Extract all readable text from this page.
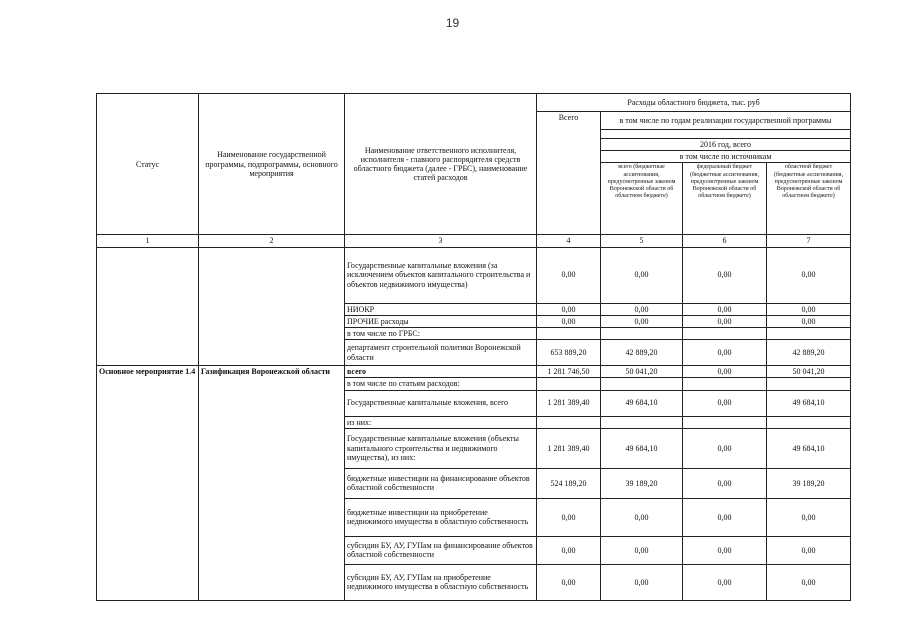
19
Статус	Наименование государственной программы, подпрограммы, основного мероприятия	Наименование ответственного исполнителя, исполнителя - главного распорядителя средств областного бюджета (далее - ГРБС), наименование статей расходов	Расходы областного бюджета, тыс. руб			
			Всего	в том числе по годам реализации государственной программы		

				2016 год, всего		
				в том числе по источникам		
				всего (бюджетные ассигнования, предусмотренные законом Воронежской области об областном бюджете)	федеральный бюджет (бюджетные ассигнования, предусмотренные законом Воронежской области об областном бюджете)	областной бюджет (бюджетные ассигнования, предусмотренные законом Воронежской области об областном бюджете)
1	2	3	4	5	6	7
		Государственные капитальные вложения (за исключением объектов капитального строительства и объектов недвижимого имущества)	0,00	0,00	0,00	0,00
		НИОКР	0,00	0,00	0,00	0,00
		ПРОЧИЕ расходы	0,00	0,00	0,00	0,00
		в том числе по ГРБС:				
		департамент строительной политики Воронежской области	653 889,20	42 889,20	0,00	42 889,20
Основное мероприятие 1.4	Газификация Воронежской области	всего	1 281 746,50	50 041,20	0,00	50 041,20
		в том числе по статьям расходов:				
		Государственные капитальные вложения, всего	1 281 389,40	49 684,10	0,00	49 684,10
		из них:				
		Государственные капитальные вложения (объекты капитального строительства и недвижимого имущества), из них:	1 281 389,40	49 684,10	0,00	49 684,10
		бюджетные инвестиции на финансирование объектов областной собственности	524 189,20	39 189,20	0,00	39 189,20
		бюджетные инвестиции на приобретение недвижимого имущества в областную собственность	0,00	0,00	0,00	0,00
		субсидии БУ, АУ, ГУПам на финансирование объектов областной собственности	0,00	0,00	0,00	0,00
		субсидии БУ, АУ, ГУПам на приобретение недвижимого имущества в областную собственность	0,00	0,00	0,00	0,00
